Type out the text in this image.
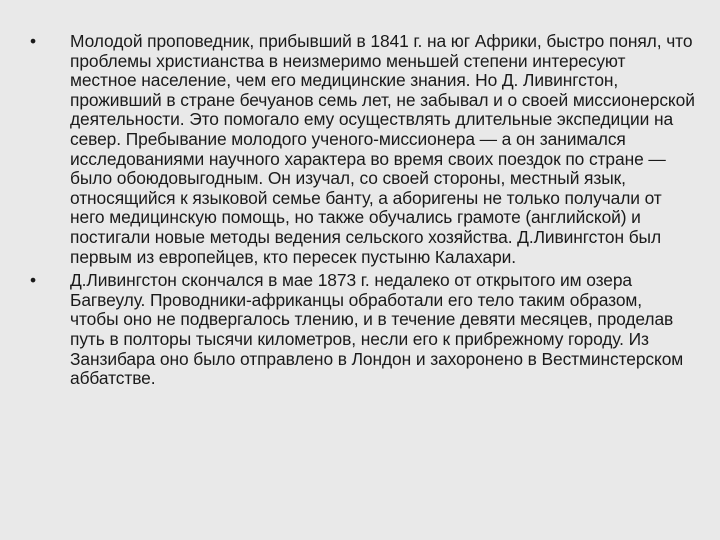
•	Молодой проповедник, прибывший в 1841 г. на юг Африки, быстро понял, что проблемы христианства в неизмеримо меньшей степени интересуют местное население, чем его медицинские знания. Но Д. Ливингстон, проживший в стране бечуанов семь лет, не забывал и о своей миссионерской деятельности. Это помогало ему осуществлять длительные экспедиции на север. Пребывание молодого ученого-миссионера — а он занимался исследованиями научного характера во время своих поездок по стране — было обоюдовыгодным. Он изучал, со своей стороны, местный язык, относящийся к языковой семье банту, а аборигены не только получали от него медицинскую помощь, но также обучались грамоте (английской) и постигали новые методы ведения сельского хозяйства. Д.Ливингстон был первым из европейцев, кто пересек пустыню Калахари.
•	Д.Ливингстон скончался в мае 1873 г. недалеко от открытого им озера Багвеулу. Проводники-африканцы обработали его тело таким образом, чтобы оно не подвергалось тлению, и в течение девяти месяцев, проделав путь в полторы тысячи километров, несли его к прибрежному городу. Из Занзибара оно было отправлено в Лондон и захоронено в Вестминстерском аббатстве.
